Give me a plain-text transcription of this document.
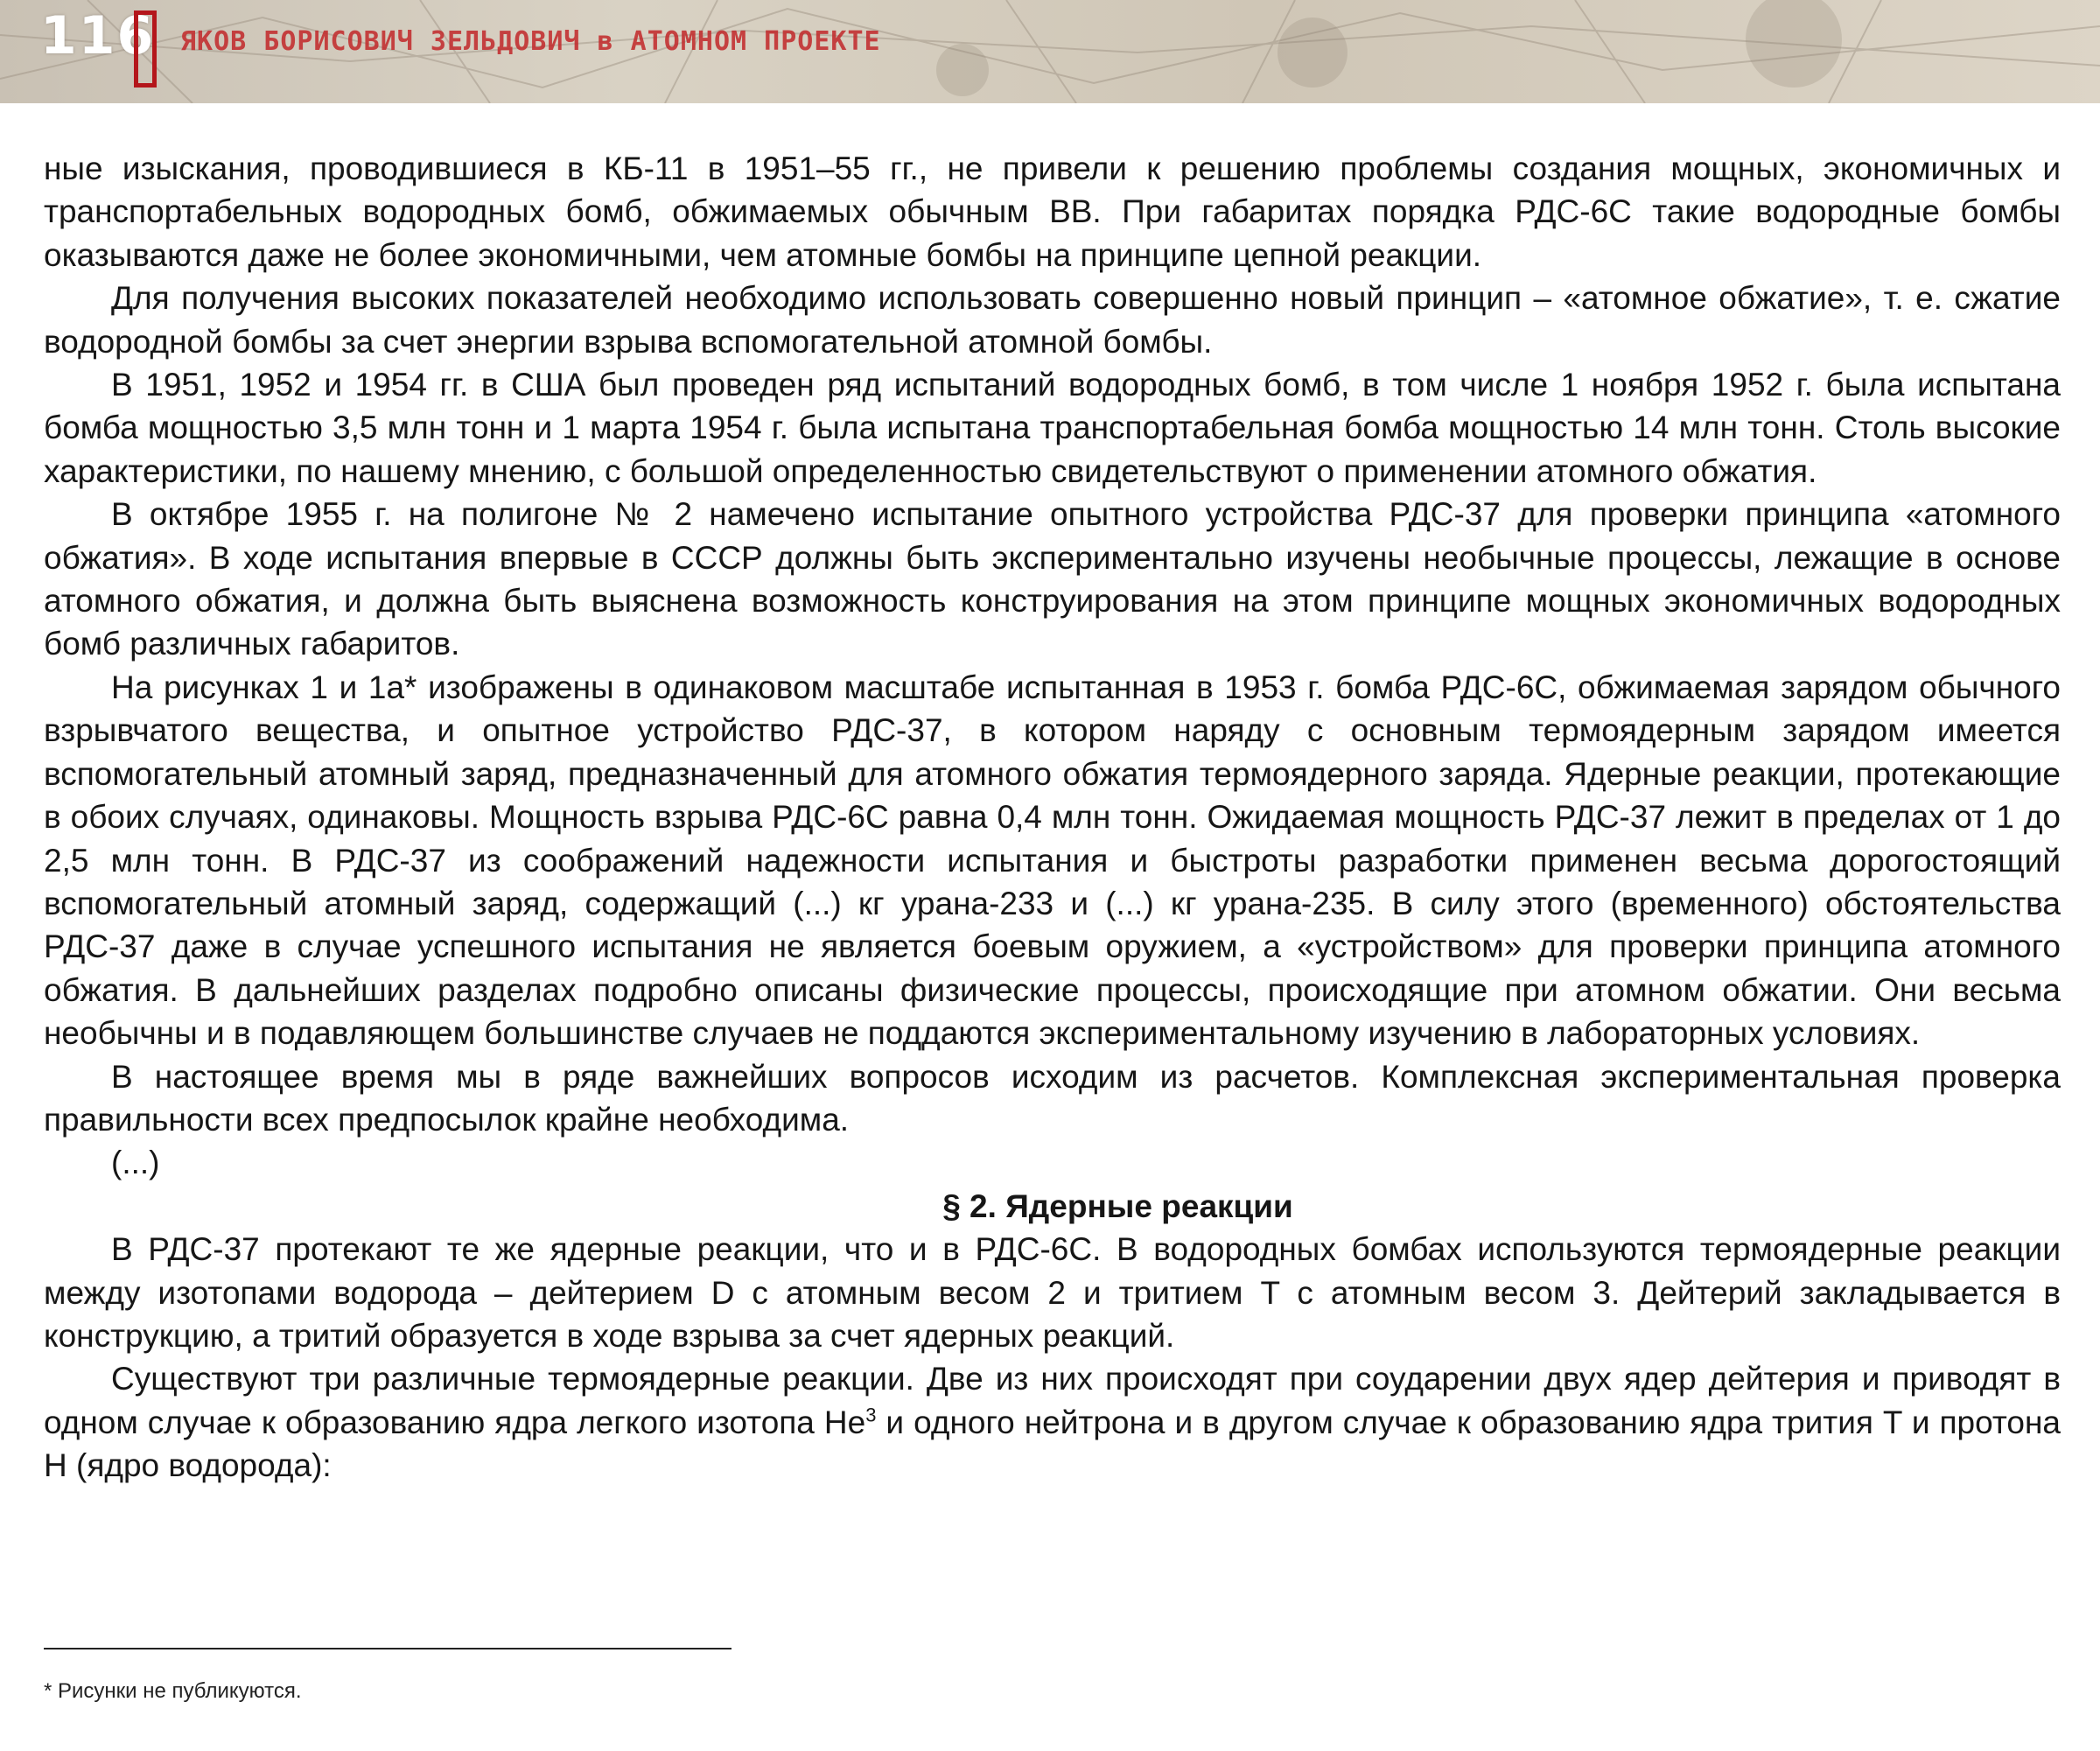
116 ЯКОВ БОРИСОВИЧ ЗЕЛЬДОВИЧ в АТОМНОМ ПРОЕКТЕ

ные изыскания, проводившиеся в КБ-11 в 1951–55 гг., не привели к решению проблемы создания мощных, экономичных и транспортабельных водородных бомб, обжимаемых обычным ВВ. При габаритах порядка РДС-6С такие водородные бомбы оказываются даже не более экономичными, чем атомные бомбы на принципе цепной реакции.

Для получения высоких показателей необходимо использовать совершенно новый принцип – «атомное обжатие», т. е. сжатие водородной бомбы за счет энергии взрыва вспомогательной атомной бомбы.

В 1951, 1952 и 1954 гг. в США был проведен ряд испытаний водородных бомб, в том числе 1 ноября 1952 г. была испытана бомба мощностью 3,5 млн тонн и 1 марта 1954 г. была испытана транспортабельная бомба мощностью 14 млн тонн. Столь высокие характеристики, по нашему мнению, с большой определенностью свидетельствуют о применении атомного обжатия.

В октябре 1955 г. на полигоне № 2 намечено испытание опытного устройства РДС-37 для проверки принципа «атомного обжатия». В ходе испытания впервые в СССР должны быть экспериментально изучены необычные процессы, лежащие в основе атомного обжатия, и должна быть выяснена возможность конструирования на этом принципе мощных экономичных водородных бомб различных габаритов.

На рисунках 1 и 1а* изображены в одинаковом масштабе испытанная в 1953 г. бомба РДС-6С, обжимаемая зарядом обычного взрывчатого вещества, и опытное устройство РДС-37, в котором наряду с основным термоядерным зарядом имеется вспомогательный атомный заряд, предназначенный для атомного обжатия термоядерного заряда. Ядерные реакции, протекающие в обоих случаях, одинаковы. Мощность взрыва РДС-6С равна 0,4 млн тонн. Ожидаемая мощность РДС-37 лежит в пределах от 1 до 2,5 млн тонн. В РДС-37 из соображений надежности испытания и быстроты разработки применен весьма дорогостоящий вспомогательный атомный заряд, содержащий (...) кг урана-233 и (...) кг урана-235. В силу этого (временного) обстоятельства РДС-37 даже в случае успешного испытания не является боевым оружием, а «устройством» для проверки принципа атомного обжатия. В дальнейших разделах подробно описаны физические процессы, происходящие при атомном обжатии. Они весьма необычны и в подавляющем большинстве случаев не поддаются экспериментальному изучению в лабораторных условиях.

В настоящее время мы в ряде важнейших вопросов исходим из расчетов. Комплексная экспериментальная проверка правильности всех предпосылок крайне необходима.

(...)

§ 2. Ядерные реакции

В РДС-37 протекают те же ядерные реакции, что и в РДС-6С. В водородных бомбах используются термоядерные реакции между изотопами водорода – дейтерием D с атомным весом 2 и тритием T с атомным весом 3. Дейтерий закладывается в конструкцию, а тритий образуется в ходе взрыва за счет ядерных реакций.

Существуют три различные термоядерные реакции. Две из них происходят при соударении двух ядер дейтерия и приводят в одном случае к образованию ядра легкого изотопа He$^3$ и одного нейтрона и в другом случае к образованию ядра трития T и протона H (ядро водорода):

* Рисунки не публикуются.
